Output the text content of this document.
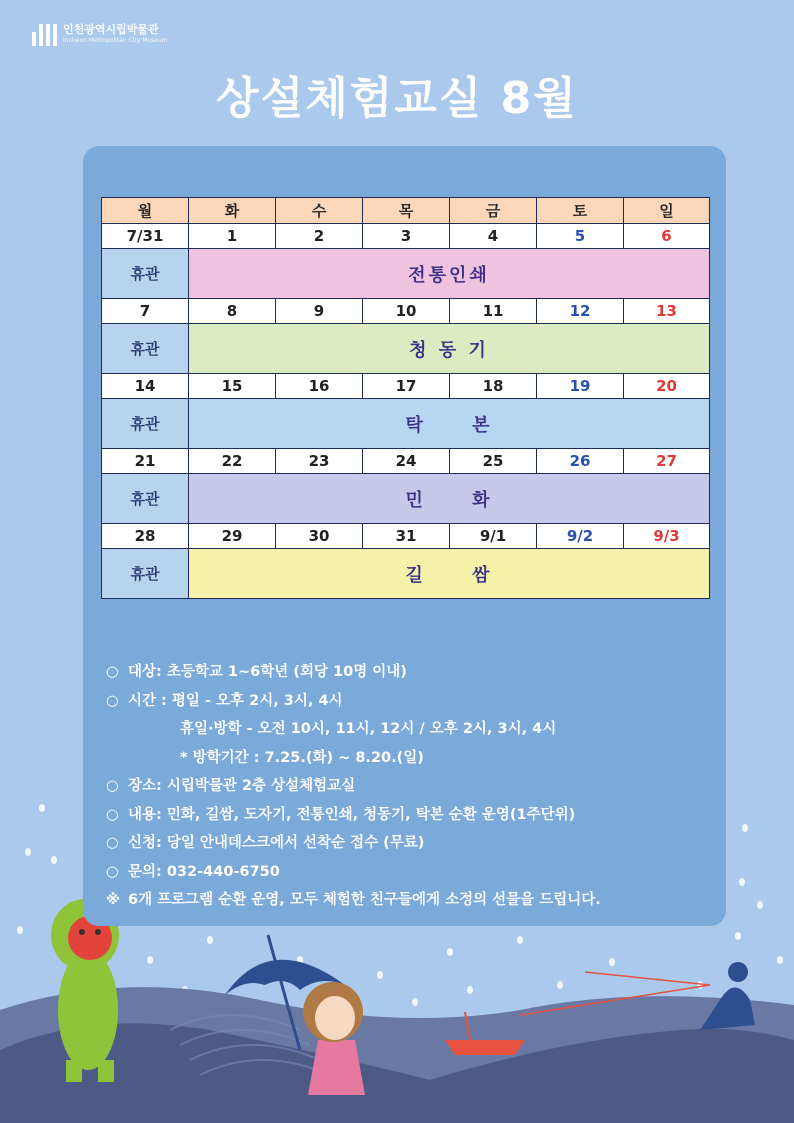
인천광역시립박물관
Incheon Metropolitan City Museum
상설체험교실 8월
월	화	수	목	금	토	일
7/31	1	2	3	4	5	6
휴관	전통인쇄					
7	8	9	10	11	12	13
휴관	청 동 기					
14	15	16	17	18	19	20
휴관	탁     본					
21	22	23	24	25	26	27
휴관	민     화					
28	29	30	31	9/1	9/2	9/3
휴관	길     쌈					
○ 대상: 초등학교 1~6학년 (회당 10명 이내)
○ 시간 : 평일 - 오후 2시, 3시, 4시
휴일·방학 - 오전 10시, 11시, 12시 / 오후 2시, 3시, 4시
* 방학기간 : 7.25.(화) ~ 8.20.(일)
○ 장소: 시립박물관 2층 상설체험교실
○ 내용: 민화, 길쌈, 도자기, 전통인쇄, 청동기, 탁본 순환 운영(1주단위)
○ 신청: 당일 안내데스크에서 선착순 접수 (무료)
○ 문의: 032-440-6750
※ 6개 프로그램 순환 운영, 모두 체험한 친구들에게 소정의 선물을 드립니다.
